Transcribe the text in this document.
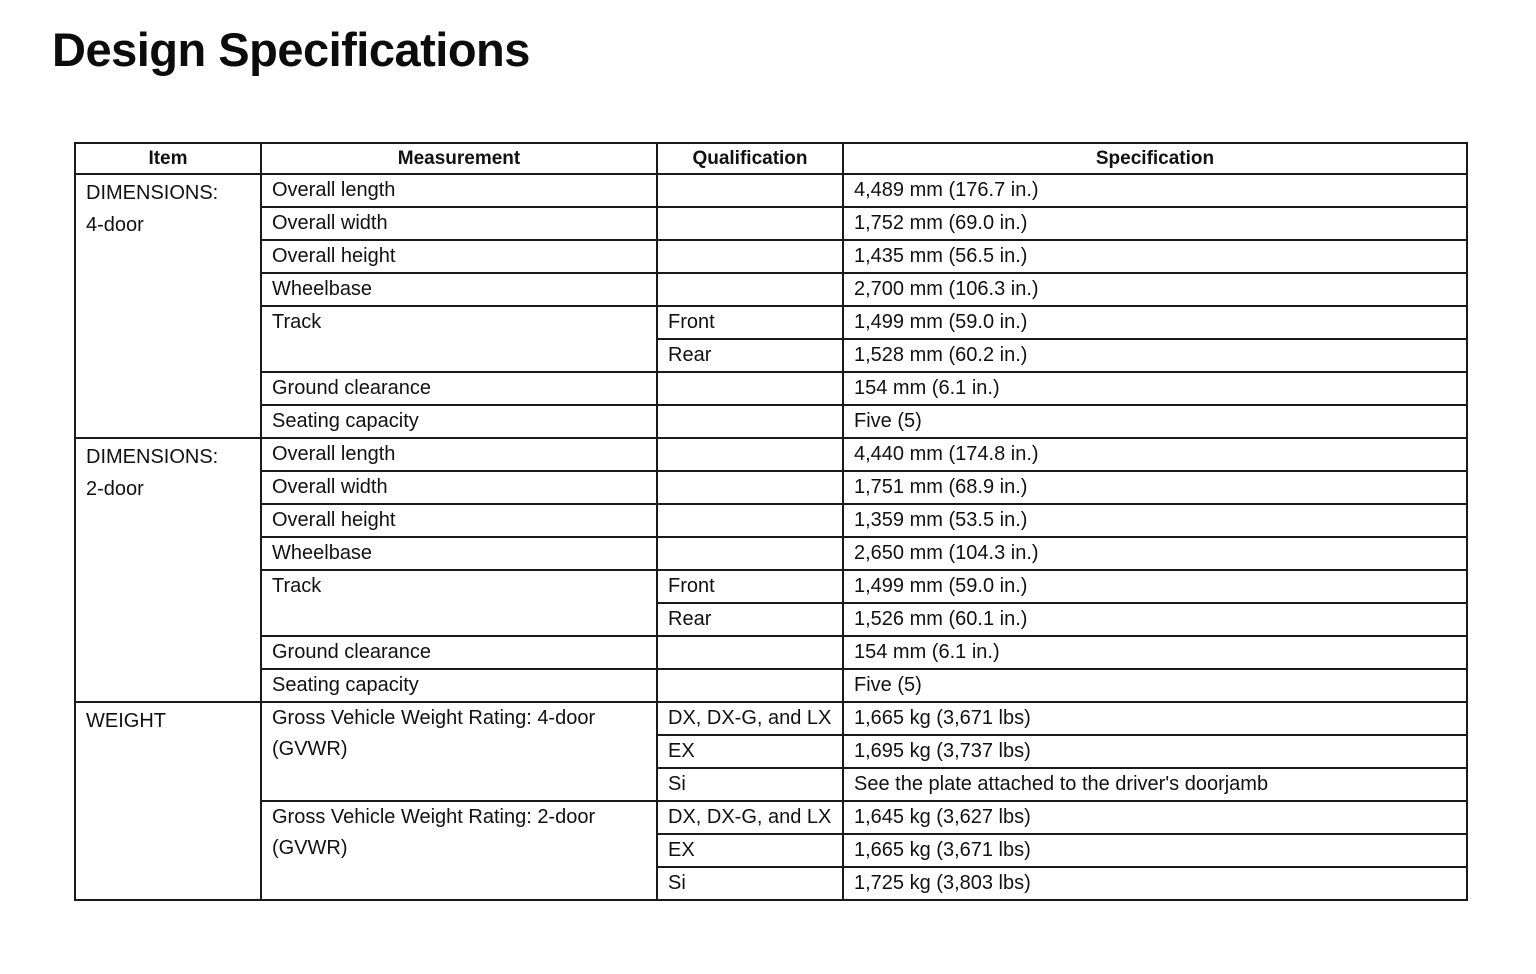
Design Specifications
Item	Measurement	Qualification	Specification

DIMENSIONS:
4-door	Overall length		4,489 mm (176.7 in.)
	Overall width		1,752 mm (69.0 in.)
	Overall height		1,435 mm (56.5 in.)
	Wheelbase		2,700 mm (106.3 in.)
	Track	Front	1,499 mm (59.0 in.)
		Rear	1,528 mm (60.2 in.)
	Ground clearance		154 mm (6.1 in.)
	Seating capacity		Five (5)

DIMENSIONS:
2-door	Overall length		4,440 mm (174.8 in.)
	Overall width		1,751 mm (68.9 in.)
	Overall height		1,359 mm (53.5 in.)
	Wheelbase		2,650 mm (104.3 in.)
	Track	Front	1,499 mm (59.0 in.)
		Rear	1,526 mm (60.1 in.)
	Ground clearance		154 mm (6.1 in.)
	Seating capacity		Five (5)

WEIGHT	Gross Vehicle Weight Rating: 4-door (GVWR)	DX, DX-G, and LX	1,665 kg (3,671 lbs)
		EX	1,695 kg (3,737 lbs)
		Si	See the plate attached to the driver's doorjamb
	Gross Vehicle Weight Rating: 2-door (GVWR)	DX, DX-G, and LX	1,645 kg (3,627 lbs)
		EX	1,665 kg (3,671 lbs)
		Si	1,725 kg (3,803 lbs)
